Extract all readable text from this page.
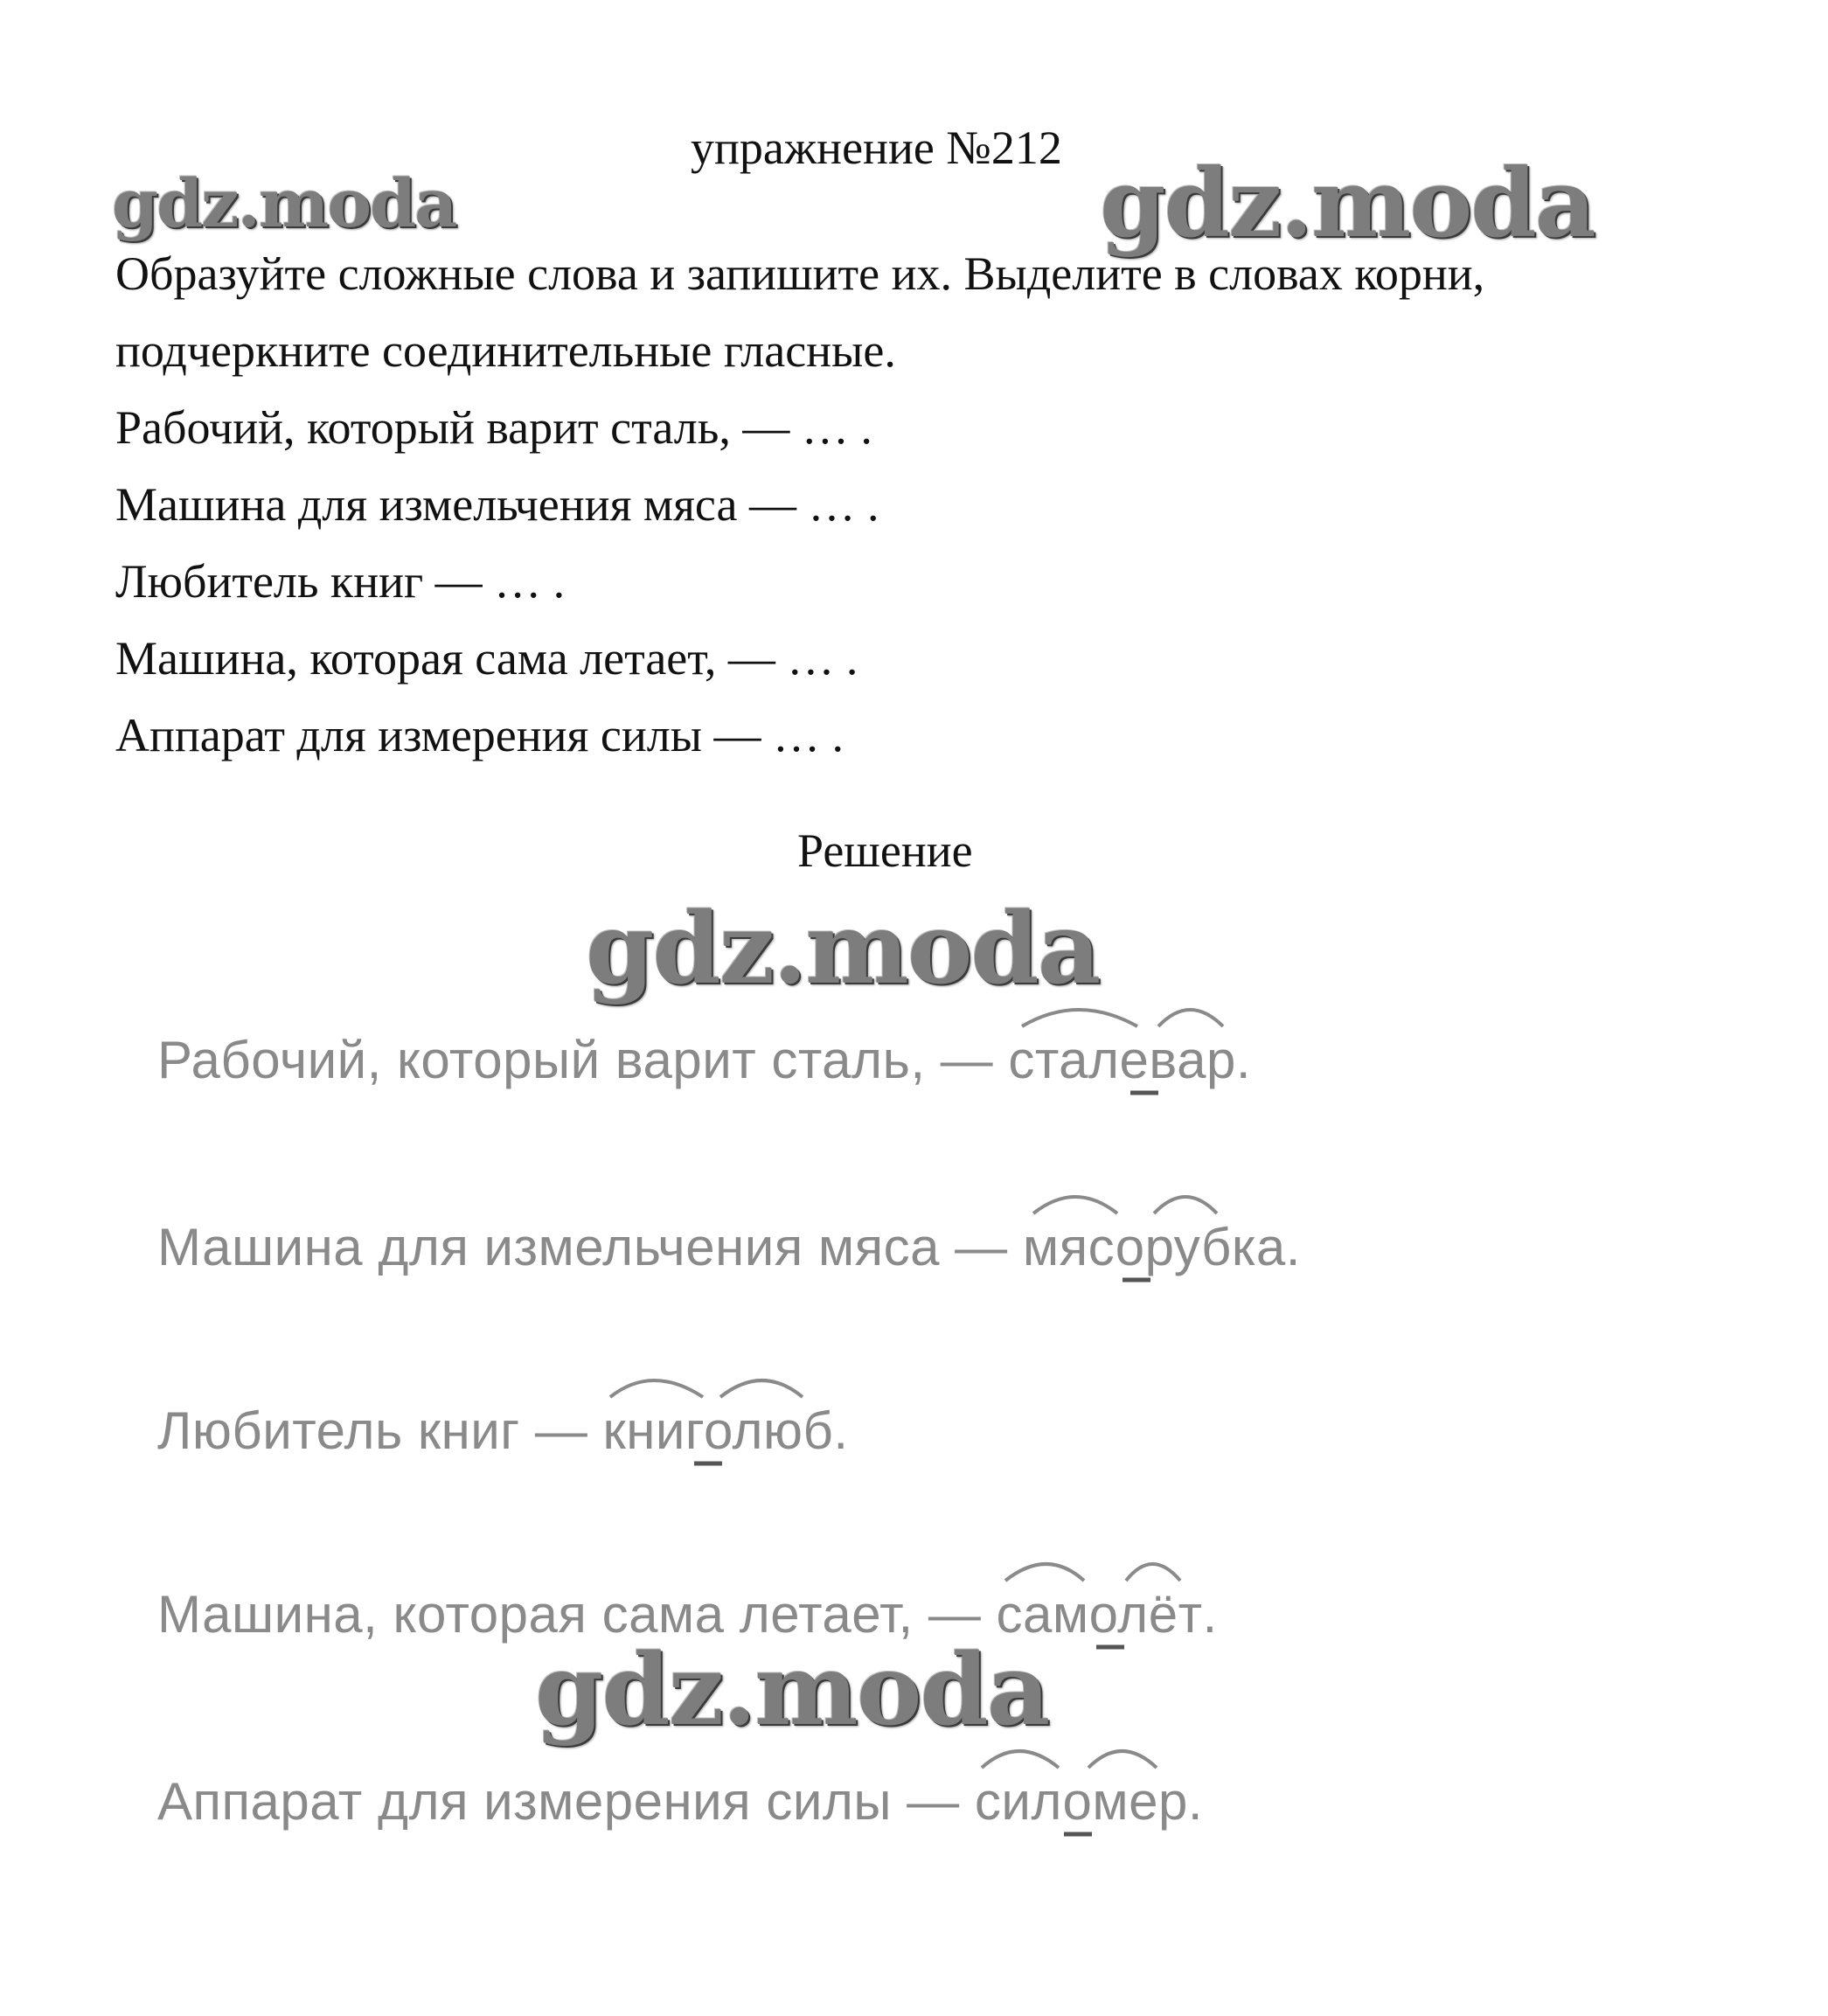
упражнение №212
gdz.moda	gdz.moda
Образуйте сложные слова и запишите их. Выделите в словах корни,
подчеркните соединительные гласные.
Рабочий, который варит сталь, — … .
Машина для измельчения мяса — … .
Любитель книг — … .
Машина, которая сама летает, — … .
Аппарат для измерения силы — … .
Решение
gdz.moda
Рабочий, который варит сталь, — сталевар
.
Машина для измельчения мяса — мясорубка
.
Любитель книг — книголюб
.
Машина, которая сама летает, — самолёт
.
gdz.moda
Аппарат для измерения силы — силомер
.
